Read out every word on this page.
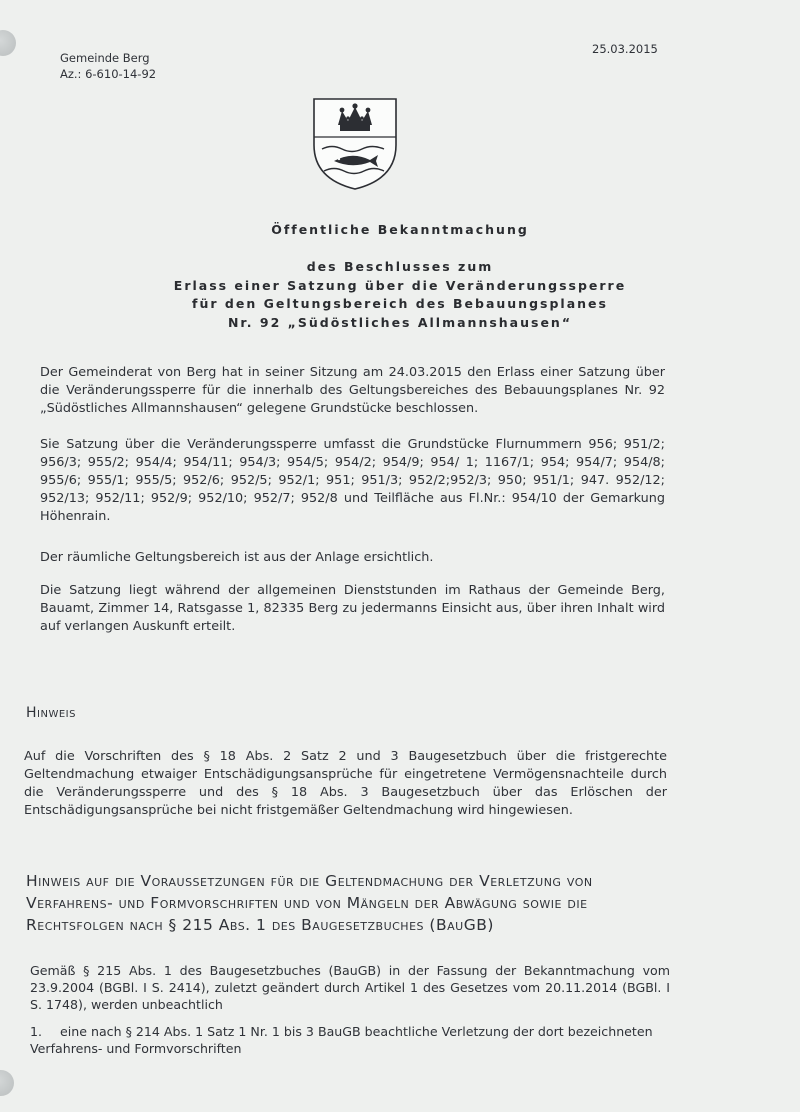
Gemeinde Berg
Az.: 6-610-14-92
25.03.2015
Öffentliche Bekanntmachung
des Beschlusses zum
Erlass einer Satzung über die Veränderungssperre
für den Geltungsbereich des Bebauungsplanes
Nr. 92 „Südöstliches Allmannshausen“
Der Gemeinderat von Berg hat in seiner Sitzung am 24.03.2015 den Erlass einer Satzung über die Veränderungssperre für die innerhalb des Geltungsbereiches des Bebauungsplanes Nr. 92 „Südöstliches Allmannshausen“ gelegene Grundstücke beschlossen.
Sie Satzung über die Veränderungssperre umfasst die Grundstücke Flurnummern 956; 951/2; 956/3; 955/2; 954/4; 954/11; 954/3; 954/5; 954/2; 954/9; 954/ 1; 1167/1; 954; 954/7; 954/8; 955/6; 955/1; 955/5; 952/6; 952/5; 952/1; 951; 951/3; 952/2;952/3; 950; 951/1; 947. 952/12; 952/13; 952/11; 952/9; 952/10; 952/7; 952/8 und Teilfläche aus Fl.Nr.: 954/10 der Gemarkung Höhenrain.
Der räumliche Geltungsbereich ist aus der Anlage ersichtlich.
Die Satzung liegt während der allgemeinen Dienststunden im Rathaus der Gemeinde Berg, Bauamt, Zimmer 14, Ratsgasse 1, 82335 Berg zu jedermanns Einsicht aus, über ihren Inhalt wird auf verlangen Auskunft erteilt.
Hinweis
Auf die Vorschriften des § 18 Abs. 2 Satz 2 und 3 Baugesetzbuch über die fristgerechte Geltendmachung etwaiger Entschädigungsansprüche für eingetretene Vermögensnachteile durch die Veränderungssperre und des § 18 Abs. 3 Baugesetzbuch über das Erlöschen der Entschädigungsansprüche bei nicht fristgemäßer Geltendmachung wird hingewiesen.
Hinweis auf die Voraussetzungen für die Geltendmachung der Verletzung von Verfahrens- und Formvorschriften und von Mängeln der Abwägung sowie die Rechtsfolgen nach § 215 Abs. 1 des Baugesetzbuches (BauGB)
Gemäß § 215 Abs. 1 des Baugesetzbuches (BauGB) in der Fassung der Bekanntmachung vom 23.9.2004 (BGBl. I S. 2414), zuletzt geändert durch Artikel 1 des Gesetzes vom 20.11.2014 (BGBl. I S. 1748), werden unbeachtlich
1. eine nach § 214 Abs. 1 Satz 1 Nr. 1 bis 3 BauGB beachtliche Verletzung der dort bezeichneten Verfahrens- und Formvorschriften
